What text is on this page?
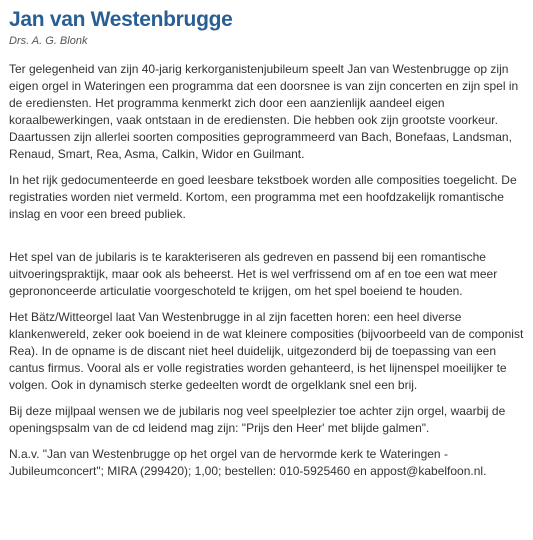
Jan van Westenbrugge
Drs. A. G. Blonk

Ter gelegenheid van zijn 40-jarig kerkorganistenjubileum speelt Jan van Westenbrugge op zijn eigen orgel in Wateringen een programma dat een doorsnee is van zijn concerten en zijn spel in de erediensten. Het programma kenmerkt zich door een aanzienlijk aandeel eigen koraalbewerkingen, vaak ontstaan in de erediensten. Die hebben ook zijn grootste voorkeur. Daartussen zijn allerlei soorten composities geprogrammeerd van Bach, Bonefaas, Landsman, Renaud, Smart, Rea, Asma, Calkin, Widor en Guilmant.

In het rijk gedocumenteerde en goed leesbare tekstboek worden alle composities toegelicht. De registraties worden niet vermeld. Kortom, een programma met een hoofdzakelijk romantische inslag en voor een breed publiek.

Het spel van de jubilaris is te karakteriseren als gedreven en passend bij een romantische uitvoeringspraktijk, maar ook als beheerst. Het is wel verfrissend om af en toe een wat meer geprononceerde articulatie voorgeschoteld te krijgen, om het spel boeiend te houden.

Het Bätz/Witteorgel laat Van Westenbrugge in al zijn facetten horen: een heel diverse klankenwereld, zeker ook boeiend in de wat kleinere composities (bijvoorbeeld van de componist Rea). In de opname is de discant niet heel duidelijk, uitgezonderd bij de toepassing van een cantus firmus. Vooral als er volle registraties worden gehanteerd, is het lijnenspel moeilijker te volgen. Ook in dynamisch sterke gedeelten wordt de orgelklank snel een brij.

Bij deze mijlpaal wensen we de jubilaris nog veel speelplezier toe achter zijn orgel, waarbij de openingspsalm van de cd leidend mag zijn: "Prijs den Heer' met blijde galmen".

N.a.v. "Jan van Westenbrugge op het orgel van de hervormde kerk te Wateringen - Jubileumconcert"; MIRA (299420); 1,00; bestellen: 010-5925460 en appost@kabelfoon.nl.
